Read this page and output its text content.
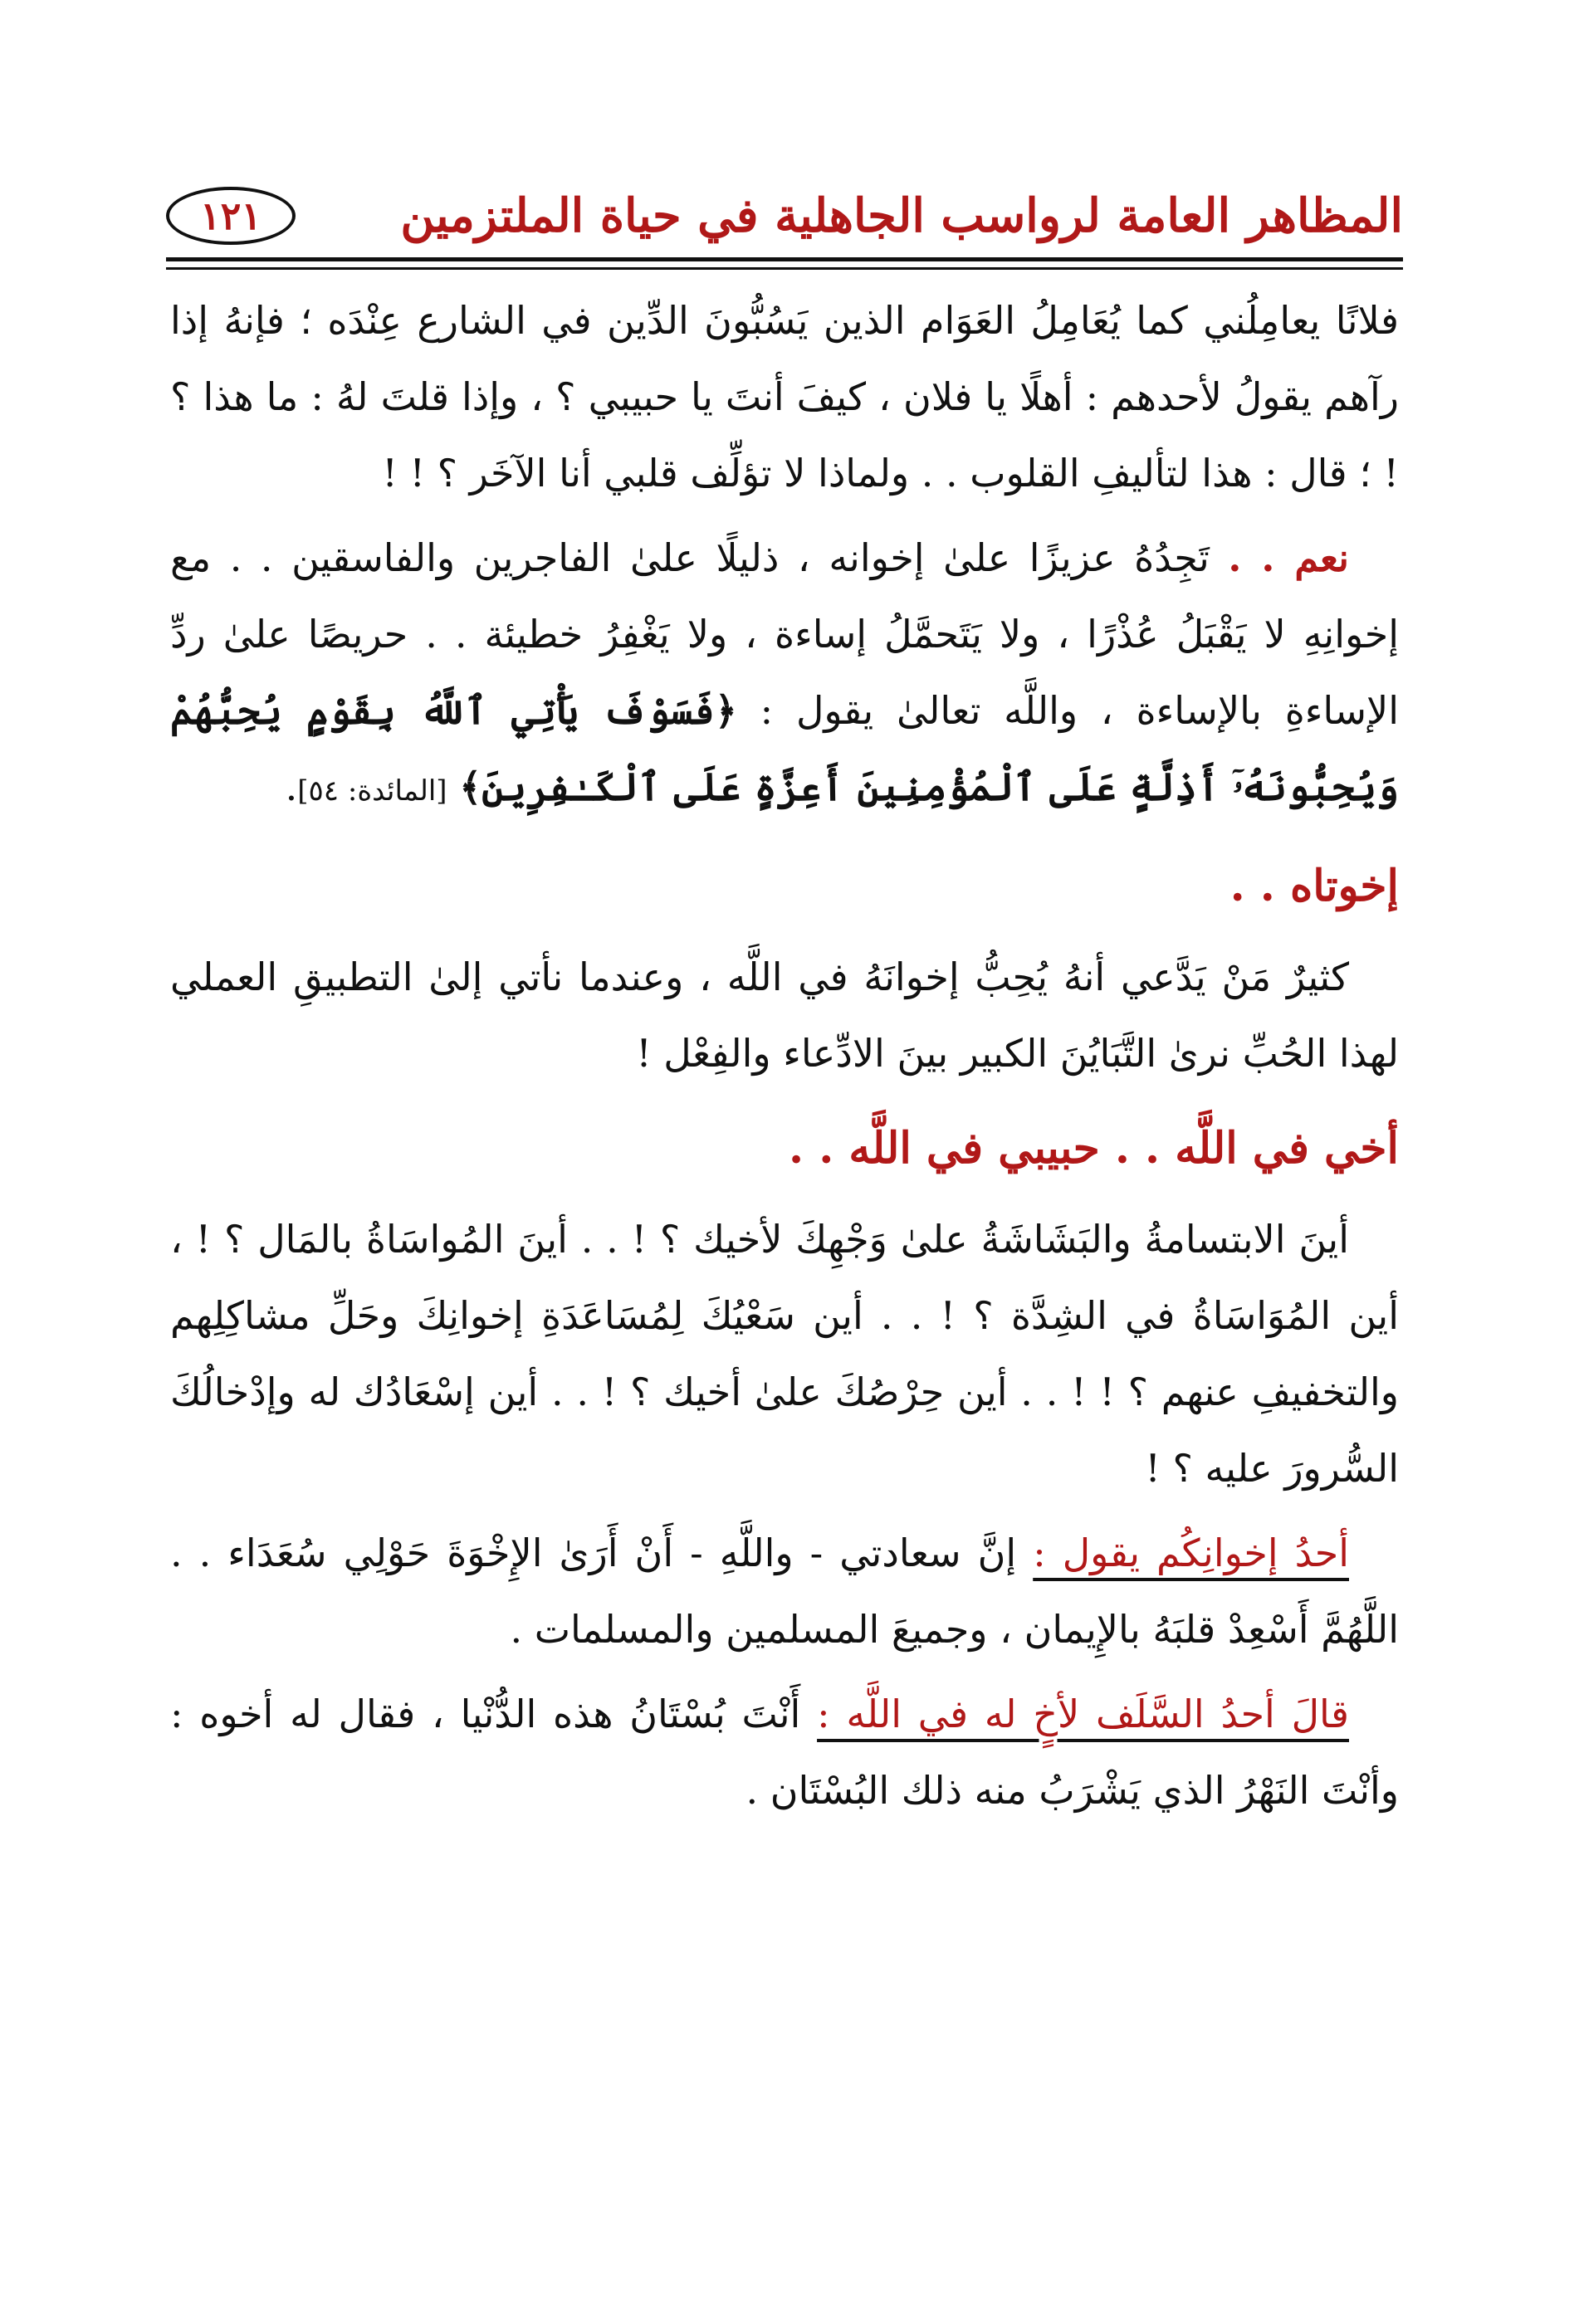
المظاهر العامة لرواسب الجاهلية في حياة الملتزمين
١٢١

فلانًا يعامِلُني كما يُعَامِلُ العَوَام الذين يَسُبُّونَ الدِّين في الشارع عِنْدَه ؛ فإنهُ إذا رآهم يقولُ لأحدهم : أهلًا يا فلان ، كيفَ أنتَ يا حبيبي ؟ ، وإذا قلتَ لهُ : ما هذا ؟ ! ؛ قال : هذا لتأليفِ القلوب . . ولماذا لا تؤلِّف قلبي أنا الآخَر ؟ ! !

نعم . . تَجِدُهُ عزيزًا علىٰ إخوانه ، ذليلًا علىٰ الفاجرين والفاسقين . . مع إخوانِهِ لا يَقْبَلُ عُذْرًا ، ولا يَتَحمَّلُ إساءة ، ولا يَغْفِرُ خطيئة . . حريصًا علىٰ ردِّ الإساءةِ بالإساءة ، واللَّه تعالىٰ يقول : ﴿فَسَوْفَ يَأْتِي ٱللَّهُ بِقَوْمٍ يُحِبُّهُمْ وَيُحِبُّونَهُۥٓ أَذِلَّةٍ عَلَى ٱلْمُؤْمِنِينَ أَعِزَّةٍ عَلَى ٱلْكَـٰفِرِينَ﴾ [المائدة: ٥٤].

إخوتاه . .

كثيرٌ مَنْ يَدَّعي أنهُ يُحِبُّ إخوانَهُ في اللَّه ، وعندما نأتي إلىٰ التطبيقِ العملي لهذا الحُبِّ نرىٰ التَّبَايُنَ الكبير بينَ الادِّعاء والفِعْل !

أخي في اللَّه . . حبيبي في اللَّه . .

أينَ الابتسامةُ والبَشَاشَةُ علىٰ وَجْهِكَ لأخيك ؟ ! . . أينَ المُواسَاةُ بالمَال ؟ ! ، أين المُوَاسَاةُ في الشِدَّة ؟ ! . . أين سَعْيُكَ لِمُسَاعَدَةِ إخوانِكَ وحَلِّ مشاكِلِهم والتخفيفِ عنهم ؟ ! ! . . أين حِرْصُكَ علىٰ أخيك ؟ ! . . أين إسْعَادُك له وإدْخالُكَ السُّرورَ عليه ؟ !

أحدُ إخوانِكُم يقول : إنَّ سعادتي - واللَّهِ - أَنْ أَرَىٰ الإِخْوَةَ حَوْلِي سُعَدَاء . . اللَّهُمَّ أَسْعِدْ قلبَهُ بالإِيمان ، وجميعَ المسلمين والمسلمات .

قالَ أحدُ السَّلَف لأخٍ له في اللَّه : أَنْتَ بُسْتَانُ هذه الدُّنْيا ، فقال له أخوه : وأنْتَ النَهْرُ الذي يَشْرَبُ منه ذلك البُسْتَان .
